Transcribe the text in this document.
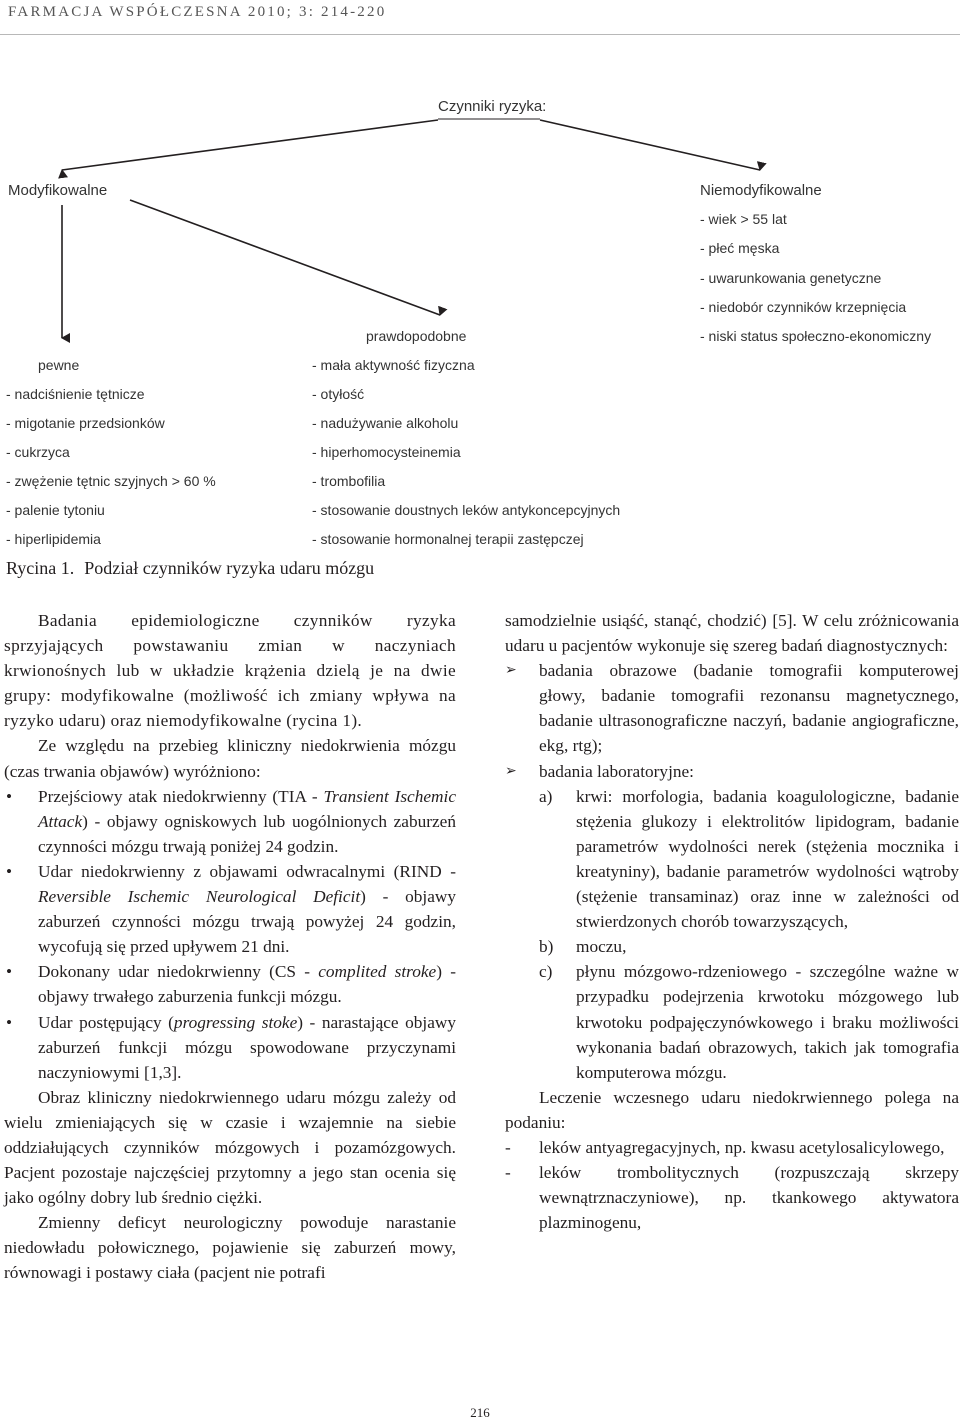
FARMACJA WSPÓŁCZESNA 2010; 3: 214-220
Czynniki ryzyka:
Modyfikowalne	Niemodyfikowalne
- wiek > 55 lat
- płeć męska
- uwarunkowania genetyczne
- niedobór czynników krzepnięcia
- niski status społeczno-ekonomiczny
prawdopodobne
pewne
- nadciśnienie tętnicze
- migotanie przedsionków
- cukrzyca
- zwężenie tętnic szyjnych > 60 %
- palenie tytoniu
- hiperlipidemia
- mała aktywność fizyczna
- otyłość
- nadużywanie alkoholu
- hiperhomocysteinemia
- trombofilia
- stosowanie doustnych leków antykoncepcyjnych
- stosowanie hormonalnej terapii zastępczej
Rycina 1. Podział czynników ryzyka udaru mózgu

Badania epidemiologiczne czynników ryzyka sprzyjających powstawaniu zmian w naczyniach krwionośnych lub w układzie krążenia dzielą je na dwie grupy: modyfikowalne (możliwość ich zmiany wpływa na ryzyko udaru) oraz niemodyfikowalne (rycina 1).

Ze względu na przebieg kliniczny niedokrwienia mózgu (czas trwania objawów) wyróżniono:

• Przejściowy atak niedokrwienny (TIA - Transient Ischemic Attack) - objawy ogniskowych lub uogólnionych zaburzeń czynności mózgu trwają poniżej 24 godzin.
• Udar niedokrwienny z objawami odwracalnymi (RIND - Reversible Ischemic Neurological Deficit) - objawy zaburzeń czynności mózgu trwają powyżej 24 godzin, wycofują się przed upływem 21 dni.
• Dokonany udar niedokrwienny (CS - complited stroke) - objawy trwałego zaburzenia funkcji mózgu.
• Udar postępujący (progressing stoke) - narastające objawy zaburzeń funkcji mózgu spowodowane przyczynami naczyniowymi [1,3].

Obraz kliniczny niedokrwiennego udaru mózgu zależy od wielu zmieniających się w czasie i wzajemnie na siebie oddziałujących czynników mózgowych i pozamózgowych. Pacjent pozostaje najczęściej przytomny a jego stan ocenia się jako ogólny dobry lub średnio ciężki.

Zmienny deficyt neurologiczny powoduje narastanie niedowładu połowicznego, pojawienie się zaburzeń mowy, równowagi i postawy ciała (pacjent nie potrafi

samodzielnie usiąść, stanąć, chodzić) [5]. W celu zróżnicowania udaru u pacjentów wykonuje się szereg badań diagnostycznych:

➢ badania obrazowe (badanie tomografii komputerowej głowy, badanie tomografii rezonansu magnetycznego, badanie ultrasonograficzne naczyń, badanie angiograficzne, ekg, rtg);
➢ badania laboratoryjne:
a) krwi: morfologia, badania koagulologiczne, badanie stężenia glukozy i elektrolitów lipidogram, badanie parametrów wydolności nerek (stężenia mocznika i kreatyniny), badanie parametrów wydolności wątroby (stężenie transaminaz) oraz inne w zależności od stwierdzonych chorób towarzyszących,
b) moczu,
c) płynu mózgowo-rdzeniowego - szczególne ważne w przypadku podejrzenia krwotoku mózgowego lub krwotoku podpajęczynówkowego i braku możliwości wykonania badań obrazowych, takich jak tomografia komputerowa mózgu.

Leczenie wczesnego udaru niedokrwiennego polega na podaniu:

- leków antyagregacyjnych, np. kwasu acetylosalicylowego,
- leków trombolitycznych (rozpuszczają skrzepy wewnątrznaczyniowe), np. tkankowego aktywatora plazminogenu,
216
